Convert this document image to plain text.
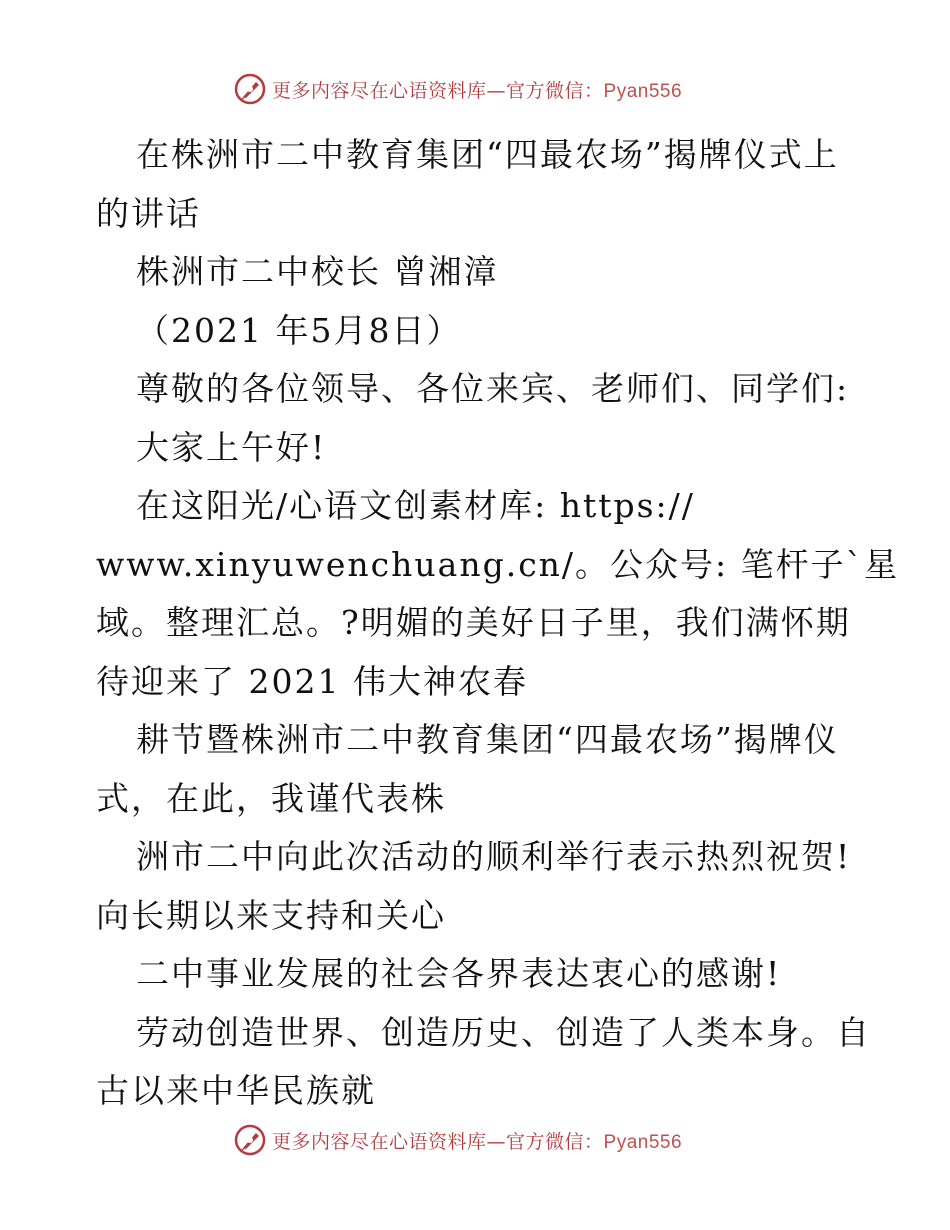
更多内容尽在心语资料库—官方微信：Pyan556
在株洲市二中教育集团“四最农场”揭牌仪式上
的讲话
株洲市二中校长 曾湘漳
（2021 年5月8日）
尊敬的各位领导、各位来宾、老师们、同学们:
大家上午好!
在这阳光/心语文创素材库: https://
www.xinyuwenchuang.cn/。公众号: 笔杆子`星
域。整理汇总。?明媚的美好日子里，我们满怀期
待迎来了 2021 伟大神农春
耕节暨株洲市二中教育集团“四最农场”揭牌仪
式，在此，我谨代表株
洲市二中向此次活动的顺利举行表示热烈祝贺!
向长期以来支持和关心
二中事业发展的社会各界表达衷心的感谢!
劳动创造世界、创造历史、创造了人类本身。自
古以来中华民族就
更多内容尽在心语资料库—官方微信：Pyan556
